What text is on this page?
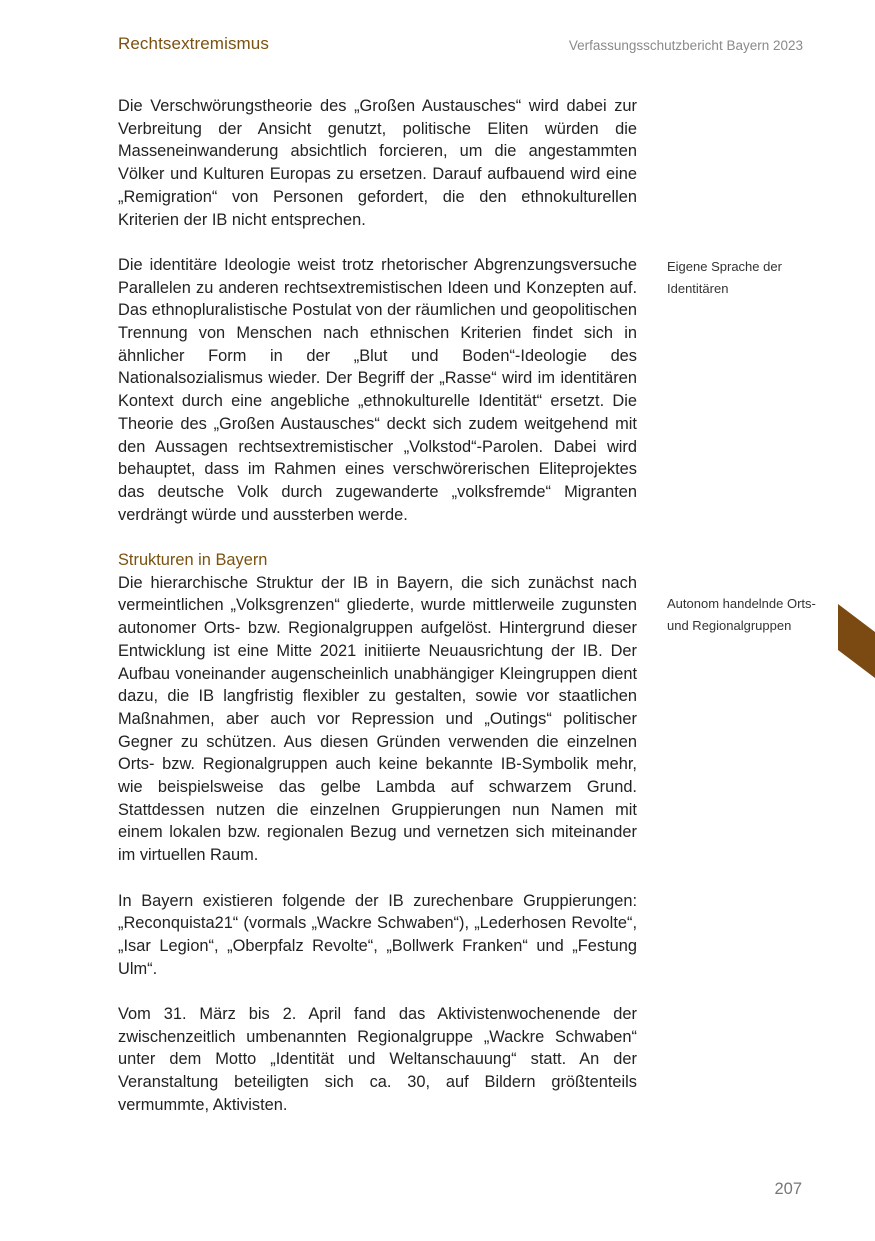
Rechtsextremismus	Verfassungsschutzbericht Bayern 2023

Die Verschwörungstheorie des „Großen Austausches“ wird dabei zur Verbreitung der Ansicht genutzt, politische Eliten würden die Masseneinwanderung absichtlich forcieren, um die angestammten Völker und Kulturen Europas zu ersetzen. Darauf aufbauend wird eine „Remigration“ von Personen gefordert, die den ethnokulturellen Kriterien der IB nicht entsprechen.

Die identitäre Ideologie weist trotz rhetorischer Abgrenzungsversuche Parallelen zu anderen rechtsextremistischen Ideen und Konzepten auf. Das ethnopluralistische Postulat von der räumlichen und geopolitischen Trennung von Menschen nach ethnischen Kriterien findet sich in ähnlicher Form in der „Blut und Boden“-Ideologie des Nationalsozialismus wieder. Der Begriff der „Rasse“ wird im identitären Kontext durch eine angebliche „ethnokulturelle Identität“ ersetzt. Die Theorie des „Großen Austausches“ deckt sich zudem weitgehend mit den Aussagen rechtsextremistischer „Volkstod“-Parolen. Dabei wird behauptet, dass im Rahmen eines verschwörerischen Eliteprojektes das deutsche Volk durch zugewanderte „volksfremde“ Migranten verdrängt würde und aussterben werde.

Strukturen in Bayern

Die hierarchische Struktur der IB in Bayern, die sich zunächst nach vermeintlichen „Volksgrenzen“ gliederte, wurde mittlerweile zugunsten autonomer Orts- bzw. Regionalgruppen aufgelöst. Hintergrund dieser Entwicklung ist eine Mitte 2021 initiierte Neuausrichtung der IB. Der Aufbau voneinander augenscheinlich unabhängiger Kleingruppen dient dazu, die IB langfristig flexibler zu gestalten, sowie vor staatlichen Maßnahmen, aber auch vor Repression und „Outings“ politischer Gegner zu schützen. Aus diesen Gründen verwenden die einzelnen Orts- bzw. Regionalgruppen auch keine bekannte IB-Symbolik mehr, wie beispielsweise das gelbe Lambda auf schwarzem Grund. Stattdessen nutzen die einzelnen Gruppierungen nun Namen mit einem lokalen bzw. regionalen Bezug und vernetzen sich miteinander im virtuellen Raum.

In Bayern existieren folgende der IB zurechenbare Gruppierungen: „Reconquista21“ (vormals „Wackre Schwaben“), „Lederhosen Revolte“, „Isar Legion“, „Oberpfalz Revolte“, „Bollwerk Franken“ und „Festung Ulm“.

Vom 31. März bis 2. April fand das Aktivistenwochenende der zwischenzeitlich umbenannten Regionalgruppe „Wackre Schwaben“ unter dem Motto „Identität und Weltanschauung“ statt. An der Veranstaltung beteiligten sich ca. 30, auf Bildern größtenteils vermummte, Aktivisten.

Eigene Sprache der Identitären
Autonom handelnde Orts- und Regionalgruppen
207
